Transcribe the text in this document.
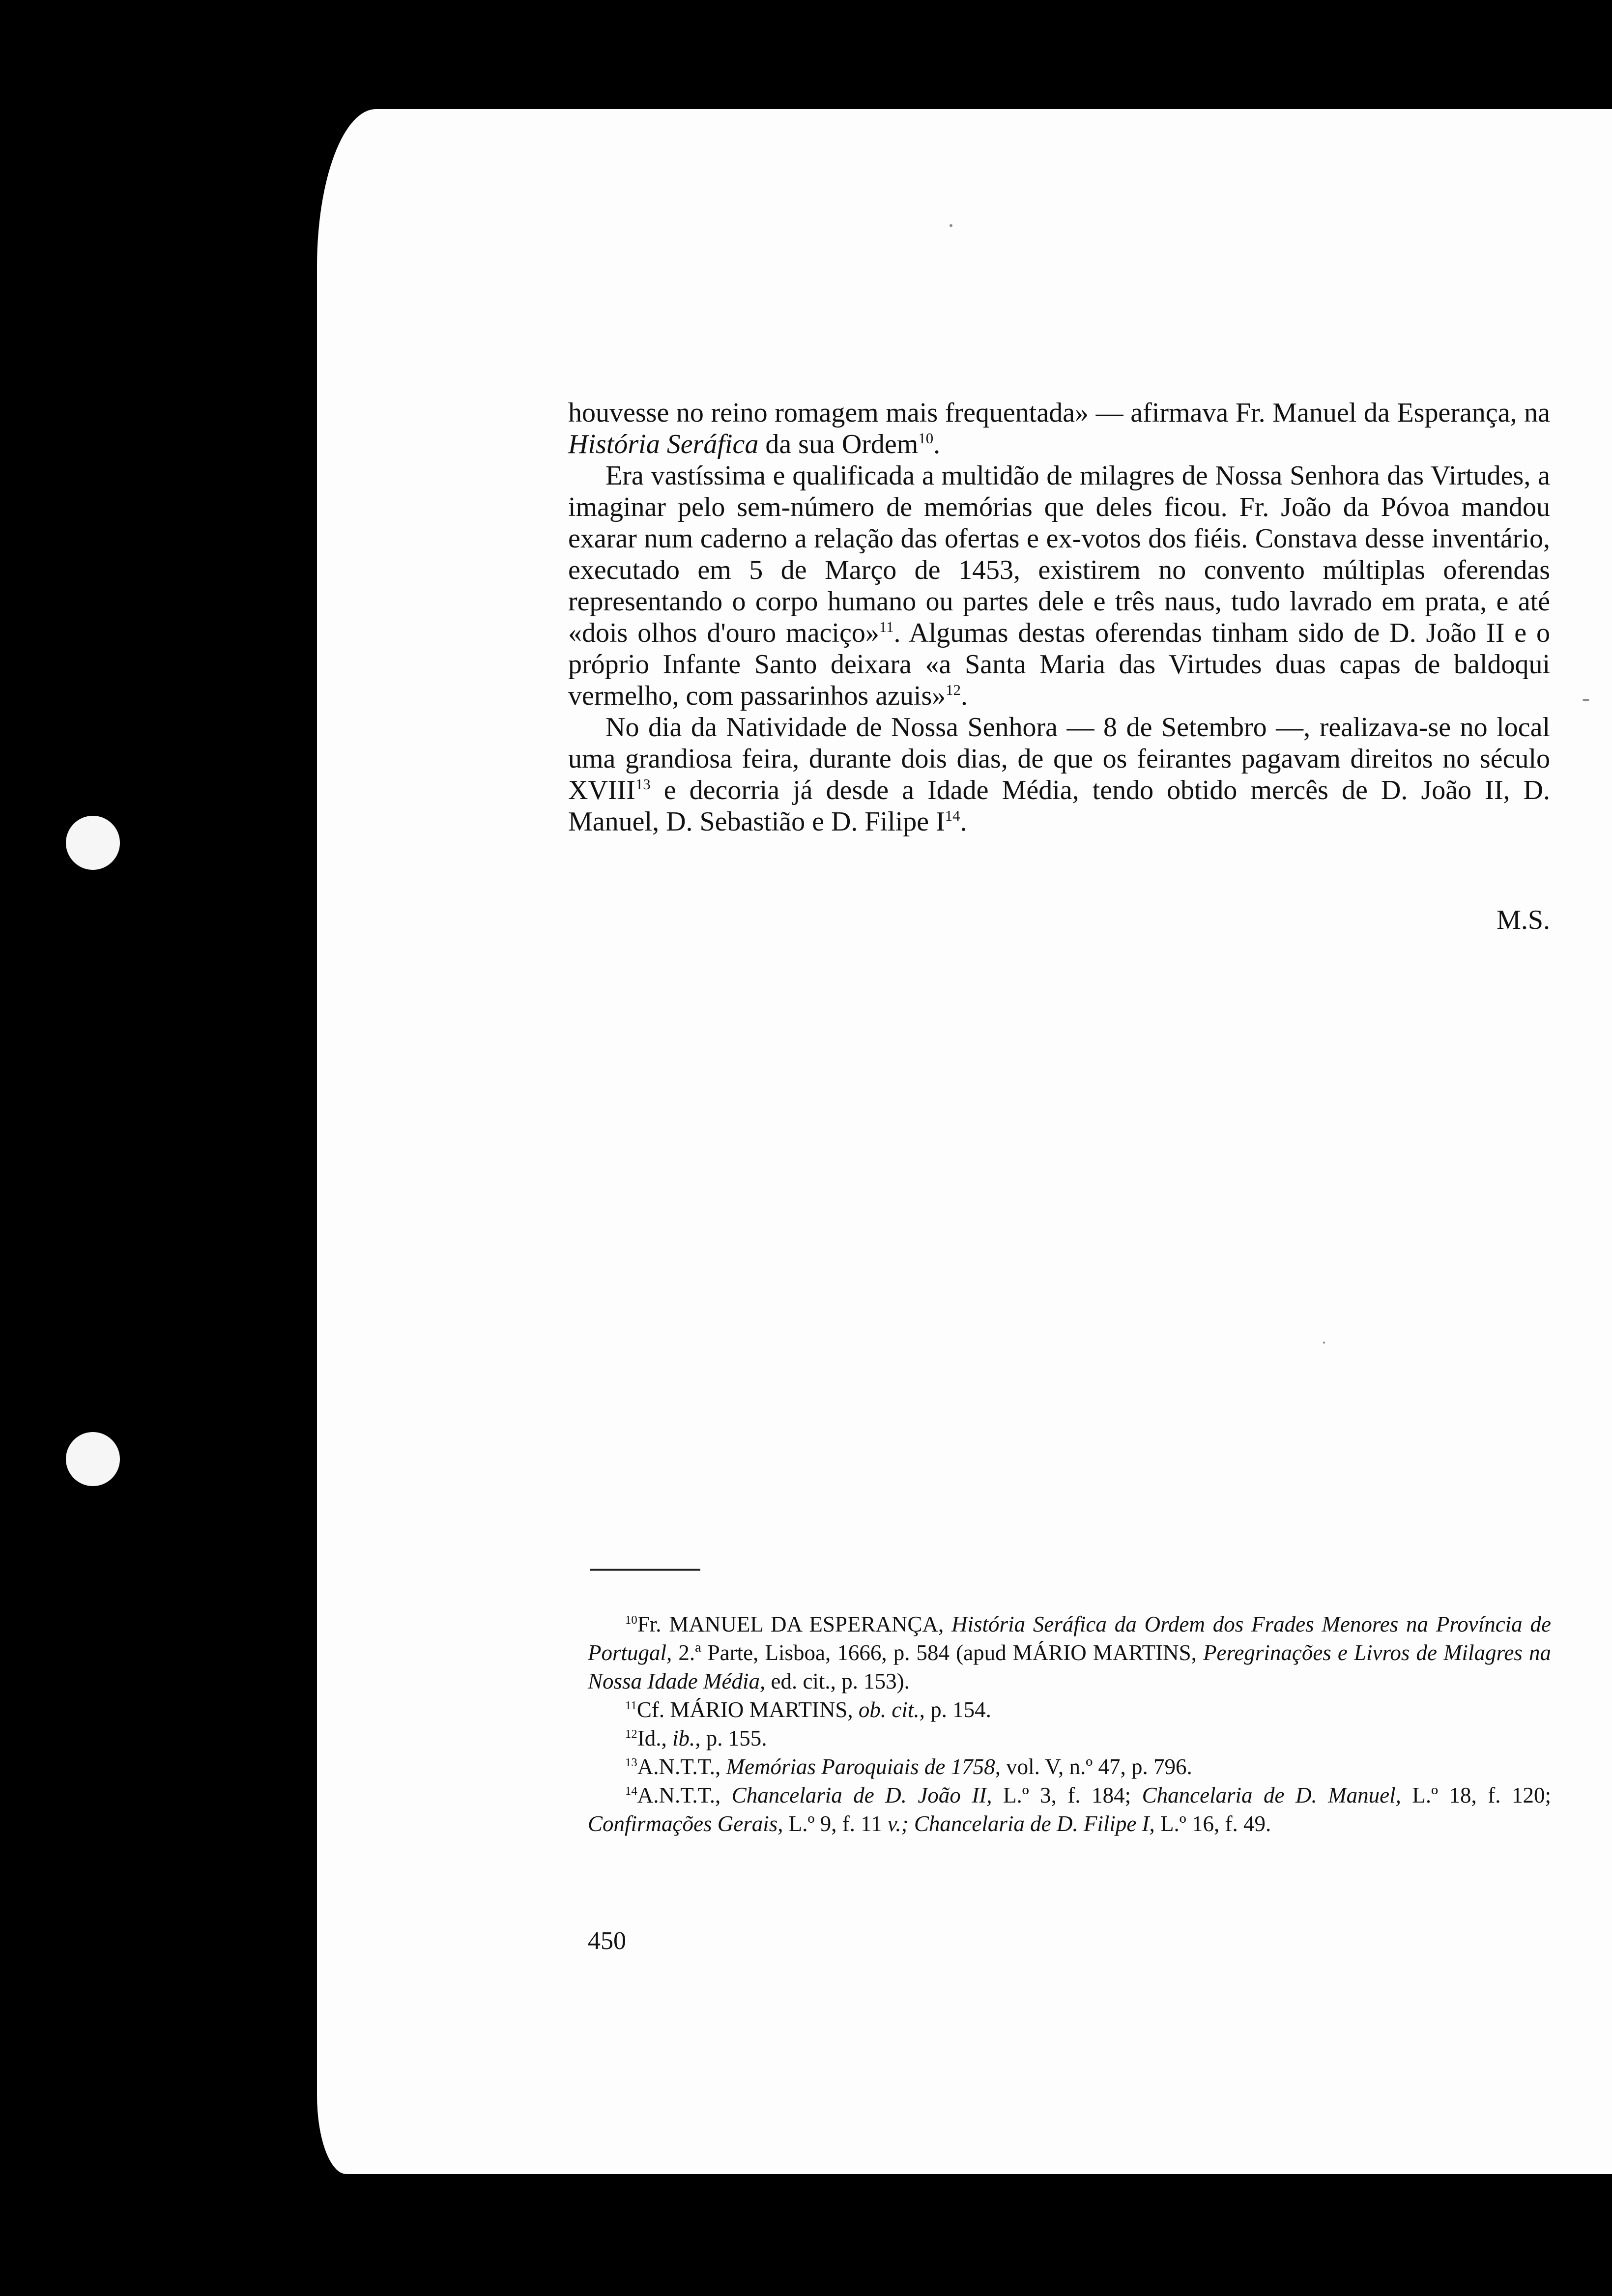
houvesse no reino romagem mais frequentada» — afirmava Fr. Manuel da Esperança, na História Seráfica da sua Ordem$^{10}$.

Era vastíssima e qualificada a multidão de milagres de Nossa Senhora das Virtudes, a imaginar pelo sem-número de memórias que deles ficou. Fr. João da Póvoa mandou exarar num caderno a relação das ofertas e ex-votos dos fiéis. Constava desse inventário, executado em 5 de Março de 1453, existirem no convento múltiplas oferendas representando o corpo humano ou partes dele e três naus, tudo lavrado em prata, e até «dois olhos d'ouro maciço»$^{11}$. Algumas destas oferendas tinham sido de D. João II e o próprio Infante Santo deixara «a Santa Maria das Virtudes duas capas de baldoqui vermelho, com passarinhos azuis»$^{12}$.

No dia da Natividade de Nossa Senhora — 8 de Setembro —, realizava-se no local uma grandiosa feira, durante dois dias, de que os feirantes pagavam direitos no século XVIII$^{13}$ e decorria já desde a Idade Média, tendo obtido mercês de D. João II, D. Manuel, D. Sebastião e D. Filipe $I^{14}$.

M.S.

$^{10}$Fr. MANUEL DA ESPERANÇA, História Seráfica da Ordem dos Frades Menores na Província de Portugal, 2.ª Parte, Lisboa, 1666, p. 584 (apud MÁRIO MARTINS, Peregrinações e Livros de Milagres na Nossa Idade Média, ed. cit., p. 153).

$^{11}$Cf. MÁRIO MARTINS, ob. cit., p. 154.

$^{12}$Id., ib., p. 155.

$^{13}$A.N.T.T., Memórias Paroquiais de 1758, vol. V, n.º 47, p. 796.

$^{14}$A.N.T.T., Chancelaria de D. João II, L.º 3, f. 184; Chancelaria de D. Manuel, L.º 18, f. 120; Confirmações Gerais, L.º 9, f. 11 v.; Chancelaria de D. Filipe I, L.º 16, f. 49.

450
